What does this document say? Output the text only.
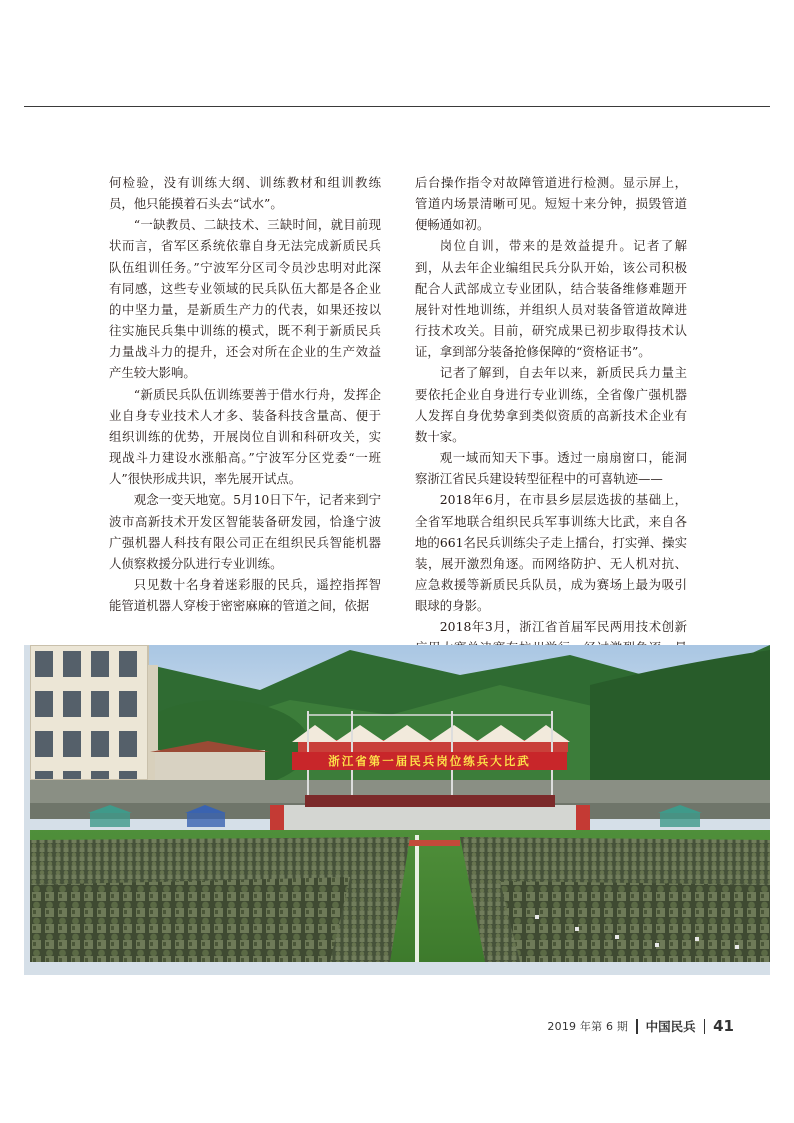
何检验，没有训练大纲、训练教材和组训教练员，他只能摸着石头去“试水”。

“一缺教员、二缺技术、三缺时间，就目前现状而言，省军区系统依靠自身无法完成新质民兵队伍组训任务。”宁波军分区司令员沙忠明对此深有同感，这些专业领域的民兵队伍大都是各企业的中坚力量，是新质生产力的代表，如果还按以往实施民兵集中训练的模式，既不利于新质民兵力量战斗力的提升，还会对所在企业的生产效益产生较大影响。

“新质民兵队伍训练要善于借水行舟，发挥企业自身专业技术人才多、装备科技含量高、便于组织训练的优势，开展岗位自训和科研攻关，实现战斗力建设水涨船高。”宁波军分区党委“一班人”很快形成共识，率先展开试点。

观念一变天地宽。5月10日下午，记者来到宁波市高新技术开发区智能装备研发园，恰逢宁波广强机器人科技有限公司正在组织民兵智能机器人侦察救援分队进行专业训练。

只见数十名身着迷彩服的民兵，遥控指挥智能管道机器人穿梭于密密麻麻的管道之间，依据

后台操作指令对故障管道进行检测。显示屏上，管道内场景清晰可见。短短十来分钟，损毁管道便畅通如初。

岗位自训，带来的是效益提升。记者了解到，从去年企业编组民兵分队开始，该公司积极配合人武部成立专业团队，结合装备维修难题开展针对性地训练，并组织人员对装备管道故障进行技术攻关。目前，研究成果已初步取得技术认证，拿到部分装备抢修保障的“资格证书”。

记者了解到，自去年以来，新质民兵力量主要依托企业自身进行专业训练，全省像广强机器人发挥自身优势拿到类似资质的高新技术企业有数十家。

观一域而知天下事。透过一扇扇窗口，能洞察浙江省民兵建设转型征程中的可喜轨迹——

2018年6月，在市县乡层层选拔的基础上，全省军地联合组织民兵军事训练大比武，来自各地的661名民兵训练尖子走上擂台，打实弹、操实装，展开激烈角逐。而网络防护、无人机对抗、应急救援等新质民兵队员，成为赛场上最为吸引眼球的身影。

2018年3月，浙江省首届军民两用技术创新

浙江省第一届民兵岗位练兵大比武
2019 年第 6 期 中国民兵 41
